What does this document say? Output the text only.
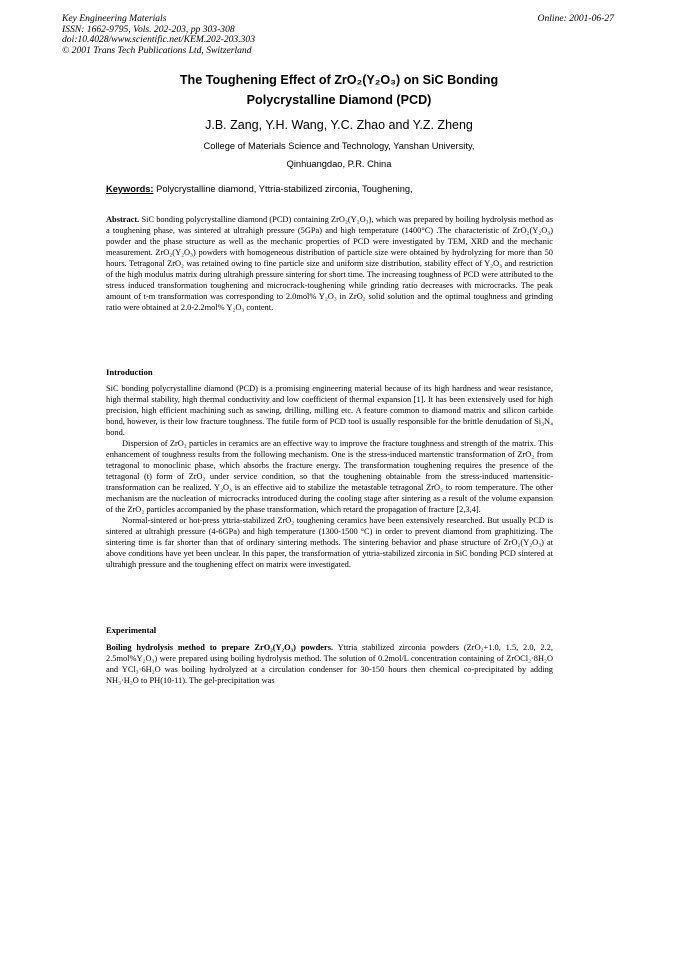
Key Engineering Materials
ISSN: 1662-9795, Vols. 202-203, pp 303-308
doi:10.4028/www.scientific.net/KEM.202-203.303
© 2001 Trans Tech Publications Ltd, Switzerland
Online: 2001-06-27
The Toughening Effect of ZrO₂(Y₂O₃) on SiC Bonding
Polycrystalline Diamond (PCD)
J.B. Zang, Y.H. Wang, Y.C. Zhao and Y.Z. Zheng
College of Materials Science and Technology, Yanshan University,
Qinhuangdao, P.R. China
Keywords: Polycrystalline diamond, Yttria-stabilized zirconia, Toughening,

Abstract. SiC bonding polycrystalline diamond (PCD) containing ZrO₂(Y₂O₃), which was prepared by boiling hydrolysis method as a toughening phase, was sintered at ultrahigh pressure (5GPa) and high temperature (1400°C) .The characteristic of ZrO₂(Y₂O₃) powder and the phase structure as well as the mechanic properties of PCD were investigated by TEM, XRD and the mechanic measurement. ZrO₂(Y₂O₃) powders with homogeneous distribution of particle size were obtained by hydrolyzing for more than 50 hours. Tetragonal ZrO₂ was retained owing to fine particle size and uniform size distribution, stability effect of Y₂O₃ and restriction of the high modulus matrix during ultrahigh pressure sintering for short time. The increasing toughness of PCD were attributed to the stress induced transformation toughening and microcrack-toughening while grinding ratio decreases with microcracks. The peak amount of t-m transformation was corresponding to 2.0mol% Y₂O₃ in ZrO₂ solid solution and the optimal toughness and grinding ratio were obtained at 2.0-2.2mol% Y₂O₃ content.

Introduction

SiC bonding polycrystalline diamond (PCD) is a promising engineering material because of its high hardness and wear resistance, high thermal stability, high thermal conductivity and low coefficient of thermal expansion [1]. It has been extensively used for high precision, high efficient machining such as sawing, drilling, milling etc. A feature common to diamond matrix and silicon carbide bond, however, is their low fracture toughness. The futile form of PCD tool is usually responsible for the brittle denudation of Si₃N₄ bond.

Dispersion of ZrO₂ particles in ceramics are an effective way to improve the fracture toughness and strength of the matrix. This enhancement of toughness results from the following mechanism. One is the stress-induced martenstic transformation of ZrO₂ from tetragonal to monoclinic phase, which absorbs the fracture energy. The transformation toughening requires the presence of the tetragonal (t) form of ZrO₂ under service condition, so that the toughening obtainable from the stress-induced martensitic-transformation can be realized. Y₂O₃ is an effective aid to stabilize the metastable tetragonal ZrO₂ to room temperature. The other mechanism are the nucleation of microcracks introduced during the cooling stage after sintering as a result of the volume expansion of the ZrO₂ particles accompanied by the phase transformation, which retard the propagation of fracture [2,3,4].

Normal-sintered or hot-press yttria-stabilized ZrO₂ toughening ceramics have been extensively researched. But usually PCD is sintered at ultrahigh pressure (4-6GPa) and high temperature (1300-1500 °C) in order to prevent diamond from graphitizing. The sintering time is far shorter than that of ordinary sintering methods. The sintering behavior and phase structure of ZrO₂(Y₂O₃) at above conditions have yet been unclear. In this paper, the transformation of yttria-stabilized zirconia in SiC bonding PCD sintered at ultrahigh pressure and the toughening effect on matrix were investigated.

Experimental

Boiling hydrolysis method to prepare ZrO₂(Y₂O₃) powders. Yttria stabilized zirconia powders (ZrO₂+1.0, 1.5, 2.0, 2.2, 2.5mol%Y₂O₃) were prepared using boiling hydrolysis method. The solution of 0.2mol/L concentration containing of ZrOCl₂·8H₂O and YCl₃·6H₂O was boiling hydrolyzed at a circulation condenser for 30-150 hours then chemical co-precipitated by adding NH₃·H₂O to PH(10-11). The gel-precipitation was
